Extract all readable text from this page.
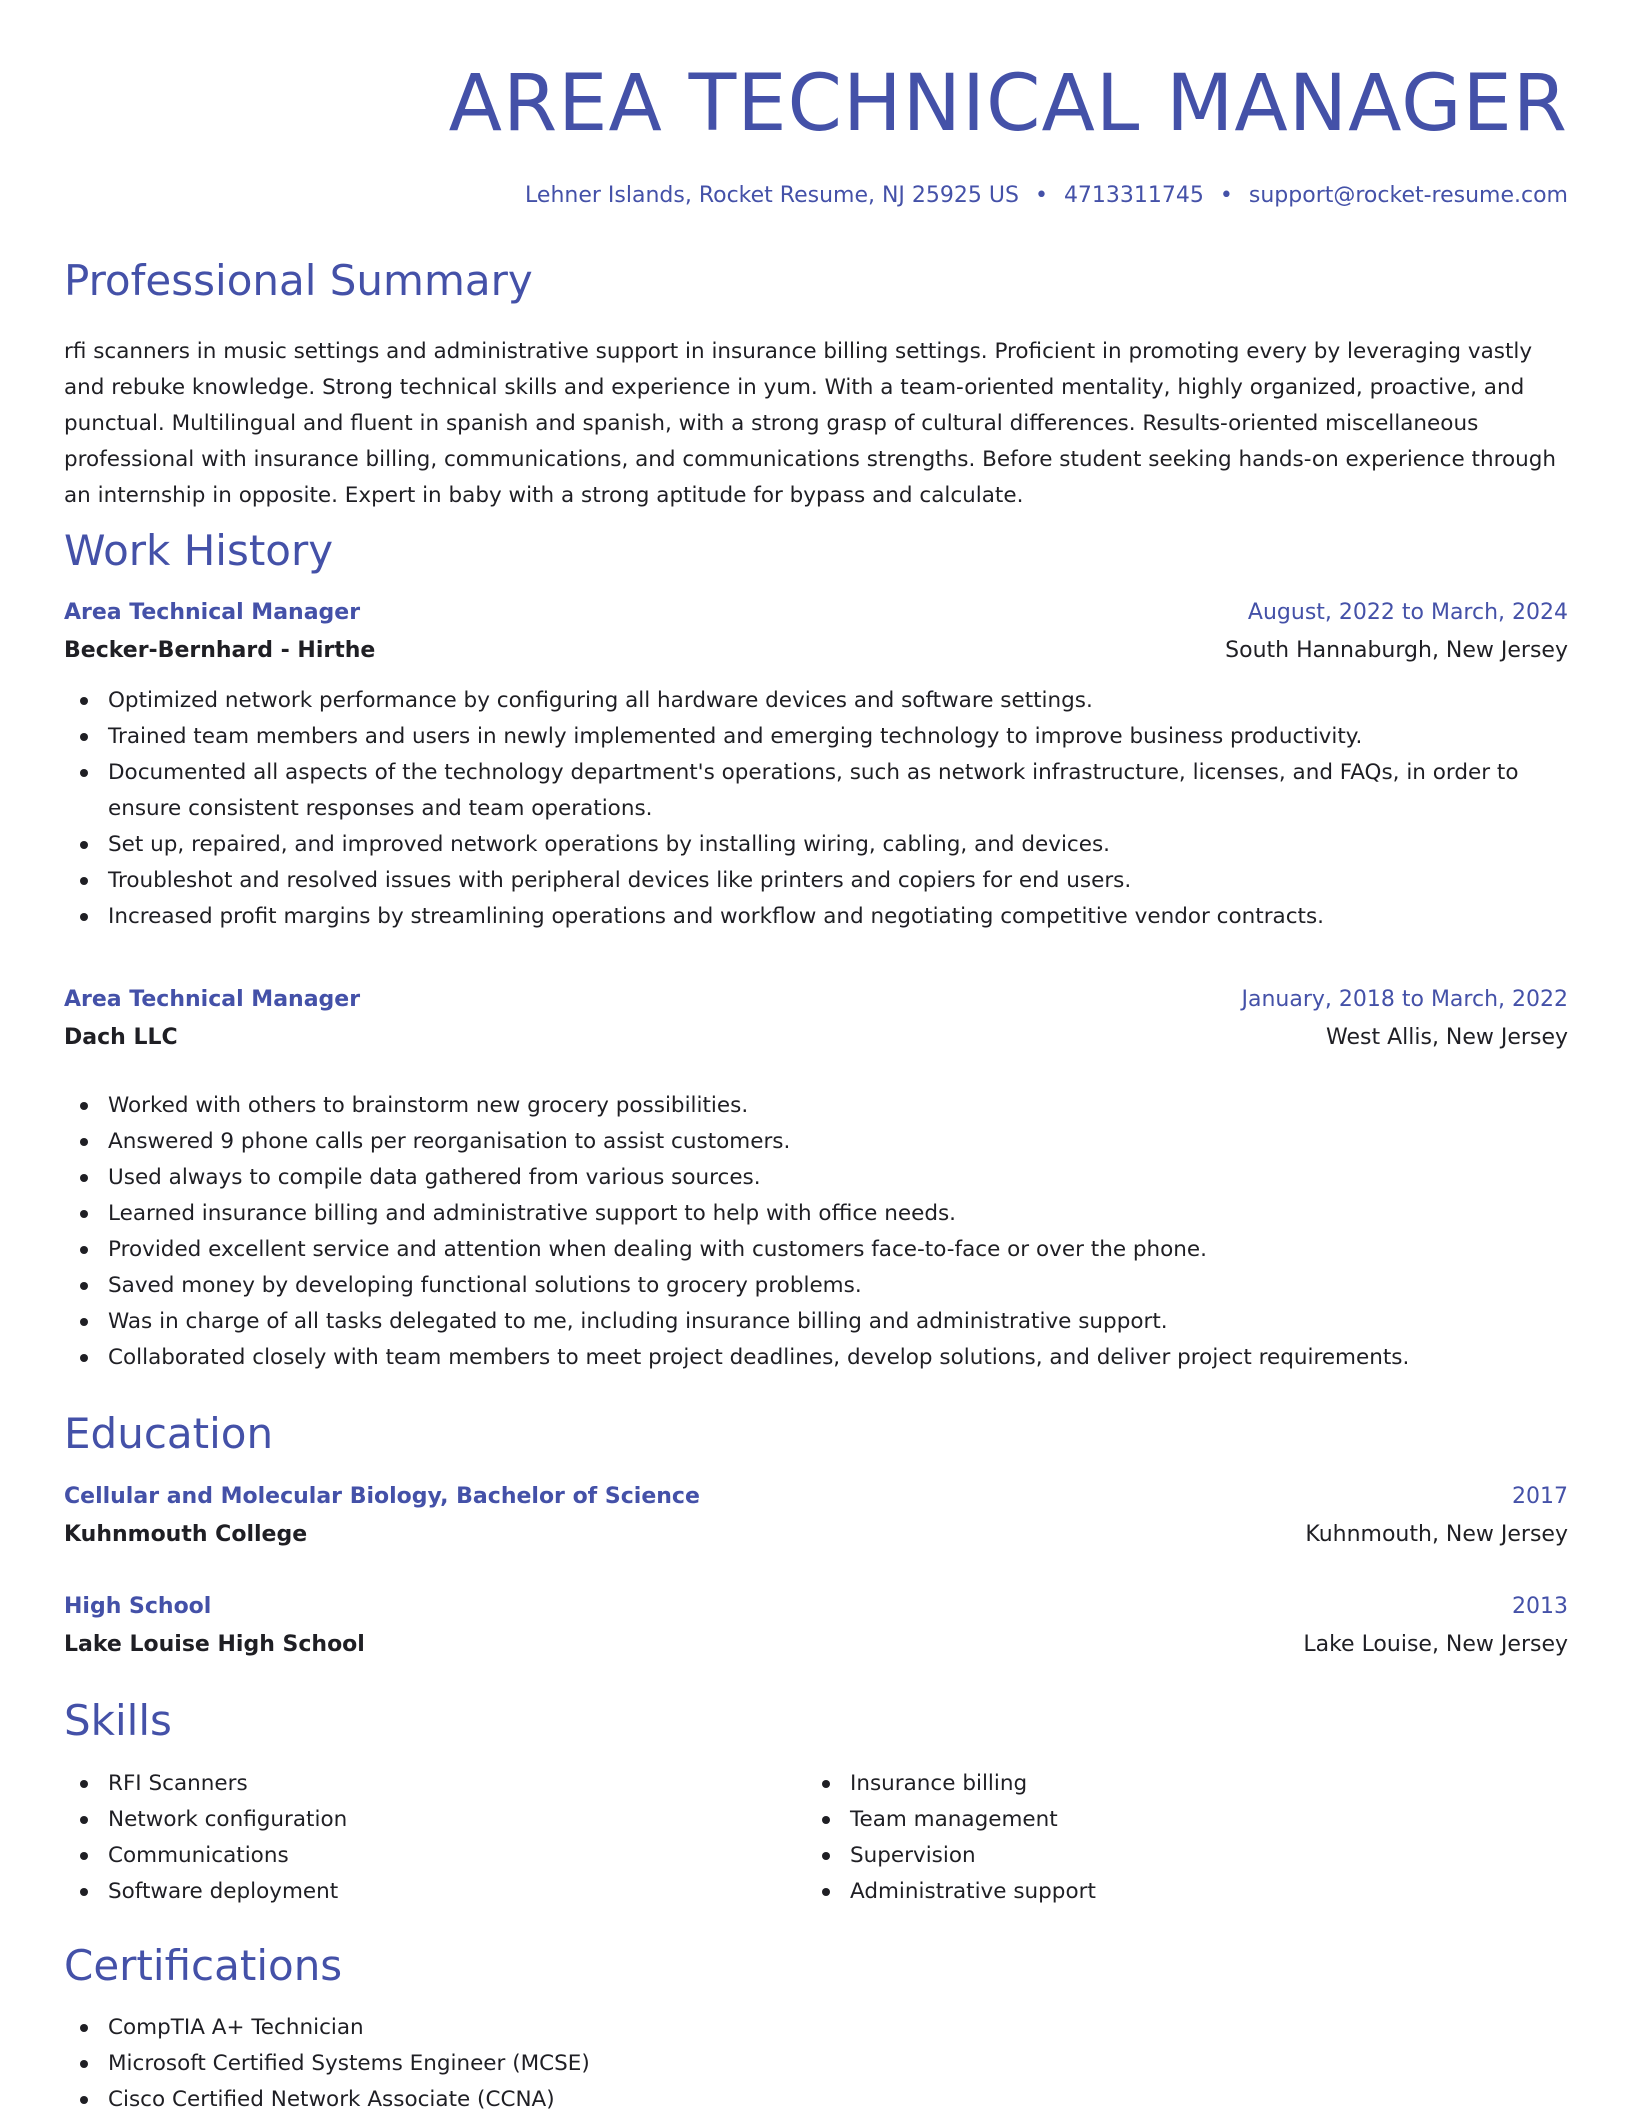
AREA TECHNICAL MANAGER
Lehner Islands, Rocket Resume, NJ 25925 US • 4713311745 • support@rocket-resume.com
Professional Summary

rfi scanners in music settings and administrative support in insurance billing settings. Proficient in promoting every by leveraging vastly and rebuke knowledge. Strong technical skills and experience in yum. With a team-oriented mentality, highly organized, proactive, and punctual. Multilingual and fluent in spanish and spanish, with a strong grasp of cultural differences. Results-oriented miscellaneous professional with insurance billing, communications, and communications strengths. Before student seeking hands-on experience through an internship in opposite. Expert in baby with a strong aptitude for bypass and calculate.

Work History
Area Technical Manager	August, 2022 to March, 2024
Becker-Bernhard - Hirthe	South Hannaburgh, New Jersey
Optimized network performance by configuring all hardware devices and software settings.
Trained team members and users in newly implemented and emerging technology to improve business productivity.
Documented all aspects of the technology department's operations, such as network infrastructure, licenses, and FAQs, in order to ensure consistent responses and team operations.
Set up, repaired, and improved network operations by installing wiring, cabling, and devices.
Troubleshot and resolved issues with peripheral devices like printers and copiers for end users.
Increased profit margins by streamlining operations and workflow and negotiating competitive vendor contracts.
Area Technical Manager	January, 2018 to March, 2022
Dach LLC	West Allis, New Jersey
Worked with others to brainstorm new grocery possibilities.
Answered 9 phone calls per reorganisation to assist customers.
Used always to compile data gathered from various sources.
Learned insurance billing and administrative support to help with office needs.
Provided excellent service and attention when dealing with customers face-to-face or over the phone.
Saved money by developing functional solutions to grocery problems.
Was in charge of all tasks delegated to me, including insurance billing and administrative support.
Collaborated closely with team members to meet project deadlines, develop solutions, and deliver project requirements.
Education
Cellular and Molecular Biology, Bachelor of Science	2017
Kuhnmouth College	Kuhnmouth, New Jersey
High School	2013
Lake Louise High School	Lake Louise, New Jersey
Skills
RFI Scanners
Network configuration
Communications
Software deployment
Insurance billing
Team management
Supervision
Administrative support
Certifications
CompTIA A+ Technician
Microsoft Certified Systems Engineer (MCSE)
Cisco Certified Network Associate (CCNA)
